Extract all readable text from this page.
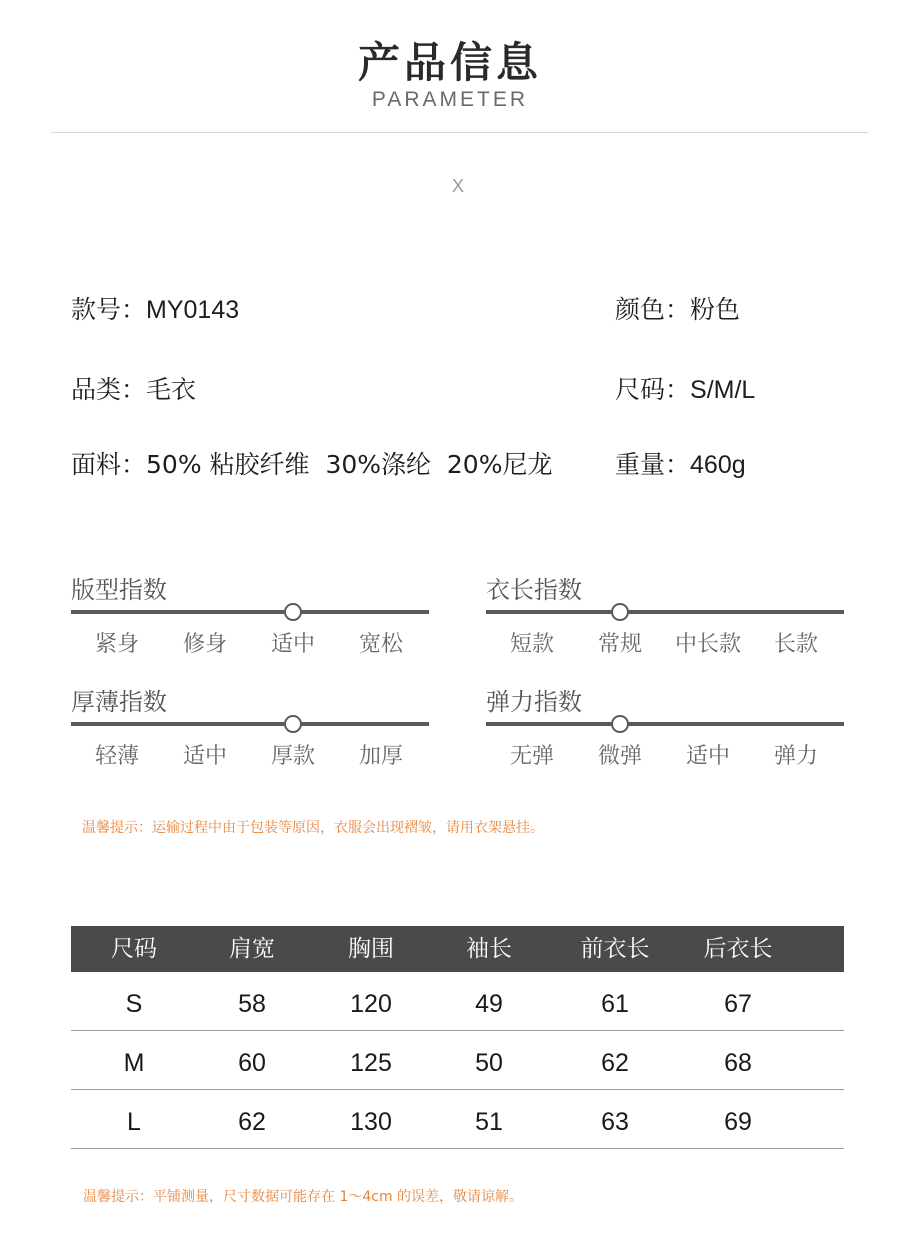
产品信息
PARAMETER
X
款号 ： MY0143	颜色 ： 粉色
品类 ： 毛衣	尺码 ： S/M/L
面料 ： 50% 粘胶纤维  30%涤纶  20%尼龙	重量 ： 460g
版型指数
紧身	修身	适中	宽松
衣长指数
短款	常规	中长款	长款
厚薄指数
轻薄	适中	厚款	加厚
弹力指数
无弹	微弹	适中	弹力
温馨提示：运输过程中由于包装等原因，衣服会出现褶皱，请用衣架悬挂。
尺码	肩宽	胸围	袖长	前衣长	后衣长
S	58	120	49	61	67
M	60	125	50	62	68
L	62	130	51	63	69
温馨提示：平铺测量，尺寸数据可能存在 1～4cm 的误差，敬请谅解。
